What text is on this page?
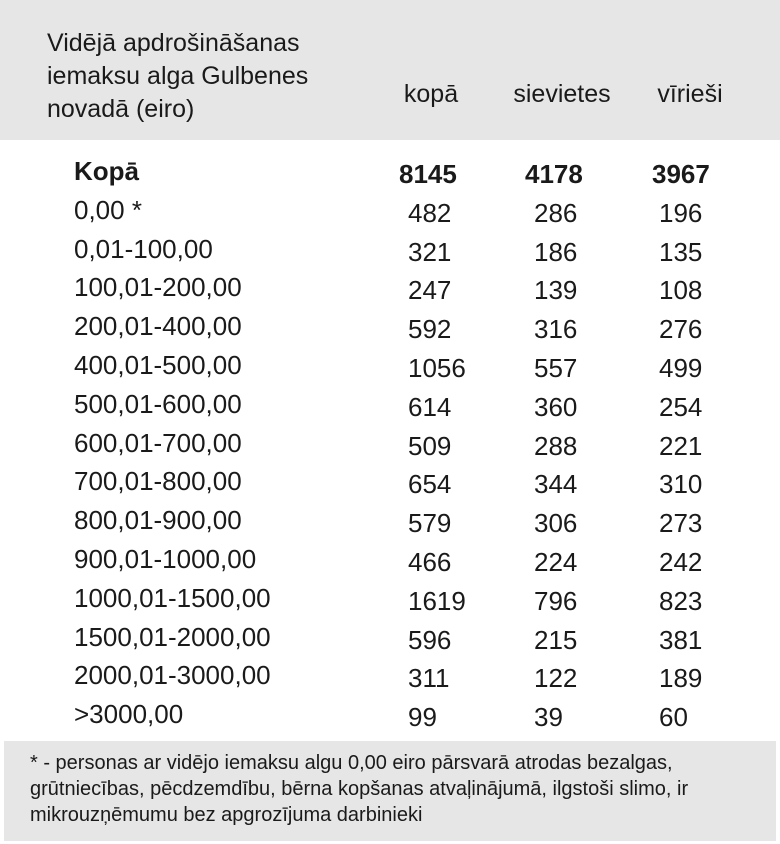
Vidējā apdrošināšanas iemaksu alga Gulbenes novadā (eiro)
kopā	sievietes	vīrieši
Kopā	8145	4178	3967
0,00 *	482	286	196
0,01-100,00	321	186	135
100,01-200,00	247	139	108
200,01-400,00	592	316	276
400,01-500,00	1056	557	499
500,01-600,00	614	360	254
600,01-700,00	509	288	221
700,01-800,00	654	344	310
800,01-900,00	579	306	273
900,01-1000,00	466	224	242
1000,01-1500,00	1619	796	823
1500,01-2000,00	596	215	381
2000,01-3000,00	311	122	189
>3000,00	99	39	60
* - personas ar vidējo iemaksu algu 0,00 eiro pārsvarā atrodas bezalgas, grūtniecības, pēcdzemdību, bērna kopšanas atvaļinājumā, ilgstoši slimo, ir mikrouzņēmumu bez apgrozījuma darbinieki
